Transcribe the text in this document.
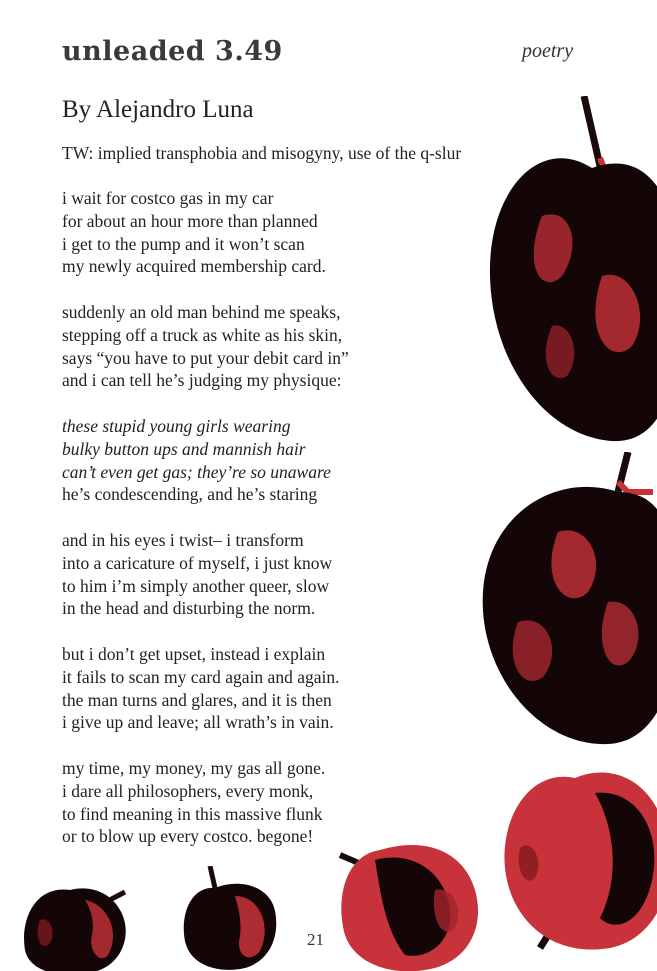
unleaded 3.49	poetry
By Alejandro Luna
TW: implied transphobia and misogyny, use of the q-slur
i wait for costco gas in my car
for about an hour more than planned
i get to the pump and it won’t scan
my newly acquired membership card.
suddenly an old man behind me speaks,
stepping off a truck as white as his skin,
says “you have to put your debit card in”
and i can tell he’s judging my physique:
these stupid young girls wearing
bulky button ups and mannish hair
can’t even get gas; they’re so unaware
he’s condescending, and he’s staring
and in his eyes i twist– i transform
into a caricature of myself, i just know
to him i’m simply another queer, slow
in the head and disturbing the norm.
but i don’t get upset, instead i explain
it fails to scan my card again and again.
the man turns and glares, and it is then
i give up and leave; all wrath’s in vain.
my time, my money, my gas all gone.
i dare all philosophers, every monk,
to find meaning in this massive flunk
or to blow up every costco. begone!
21
